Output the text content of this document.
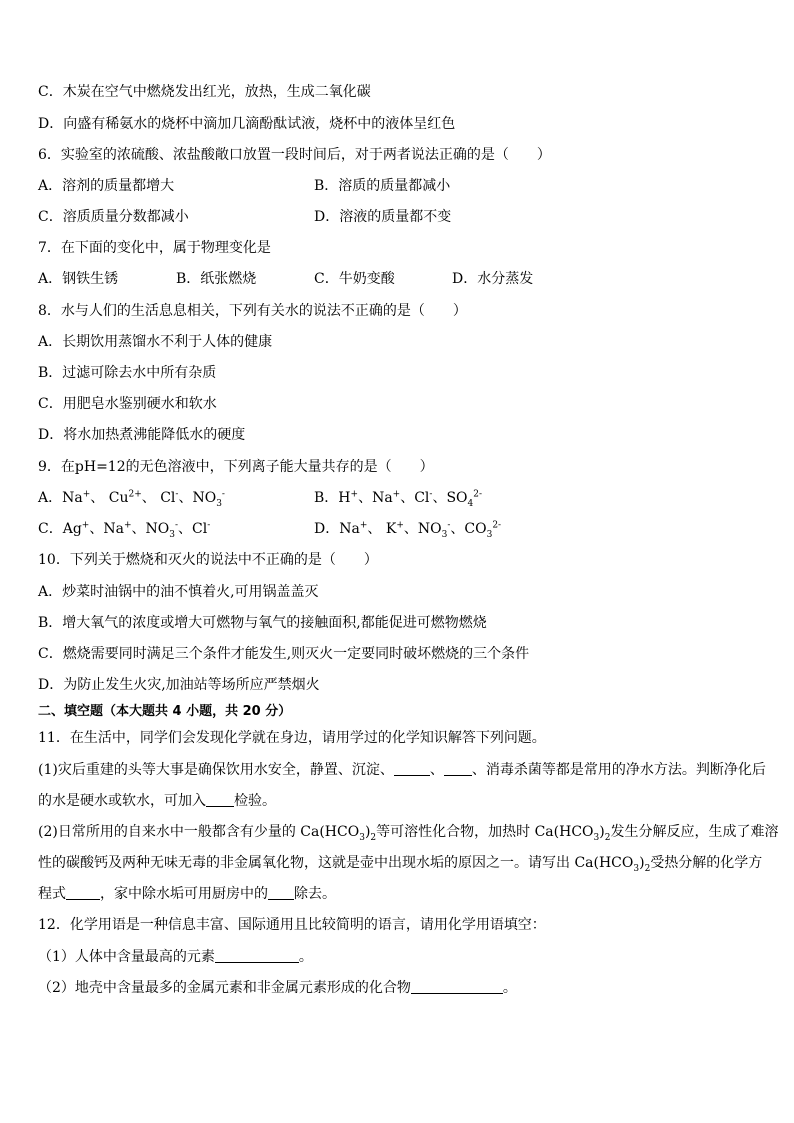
C．木炭在空气中燃烧发出红光，放热，生成二氧化碳
D．向盛有稀氨水的烧杯中滴加几滴酚酞试液，烧杯中的液体呈红色
6．实验室的浓硫酸、浓盐酸敞口放置一段时间后，对于两者说法正确的是（　　）
A．溶剂的质量都增大	B．溶质的质量都减小
C．溶质质量分数都减小	D．溶液的质量都不变
7．在下面的变化中，属于物理变化是
A．钢铁生锈	B．纸张燃烧	C．牛奶变酸	D．水分蒸发
8．水与人们的生活息息相关，下列有关水的说法不正确的是（　　）
A．长期饮用蒸馏水不利于人体的健康
B．过滤可除去水中所有杂质
C．用肥皂水鉴别硬水和软水
D．将水加热煮沸能降低水的硬度
9．在pH=12的无色溶液中，下列离子能大量共存的是（　　）
A．Na+、 $Cu^{2+}$、 Cl-、$NO_3^-$	B．H+、Na+、Cl-、$SO_4^{2-}$
C．Ag+、Na+、$NO_3^-$、Cl-	D．Na+、 K+、$NO_3^-$、$CO_3^{2-}$
10．下列关于燃烧和灭火的说法中不正确的是（　　）
A．炒菜时油锅中的油不慎着火,可用锅盖盖灭
B．增大氧气的浓度或增大可燃物与氧气的接触面积,都能促进可燃物燃烧
C．燃烧需要同时满足三个条件才能发生,则灭火一定要同时破坏燃烧的三个条件
D．为防止发生火灾,加油站等场所应严禁烟火
二、填空题（本大题共 4 小题，共 20 分）
11．在生活中，同学们会发现化学就在身边，请用学过的化学知识解答下列问题。
(1)灾后重建的头等大事是确保饮用水安全，静置、沉淀、	、 、消毒杀菌等都是常用的净水方法。判断净化后
的水是硬水或软水，可加入 检验。
(2)日常所用的自来水中一般都含有少量的 $Ca(HCO_3)_2$等可溶性化合物，加热时 $Ca(HCO_3)_2$发生分解反应，生成了难溶
性的碳酸钙及两种无味无毒的非金属氧化物，这就是壶中出现水垢的原因之一。请写出 $Ca(HCO_3)_2$受热分解的化学方
程式 ，家中除水垢可用厨房中的 除去。
12．化学用语是一种信息丰富、国际通用且比较简明的语言，请用化学用语填空：
（1）人体中含量最高的元素	。
（2）地壳中含量最多的金属元素和非金属元素形成的化合物	。
